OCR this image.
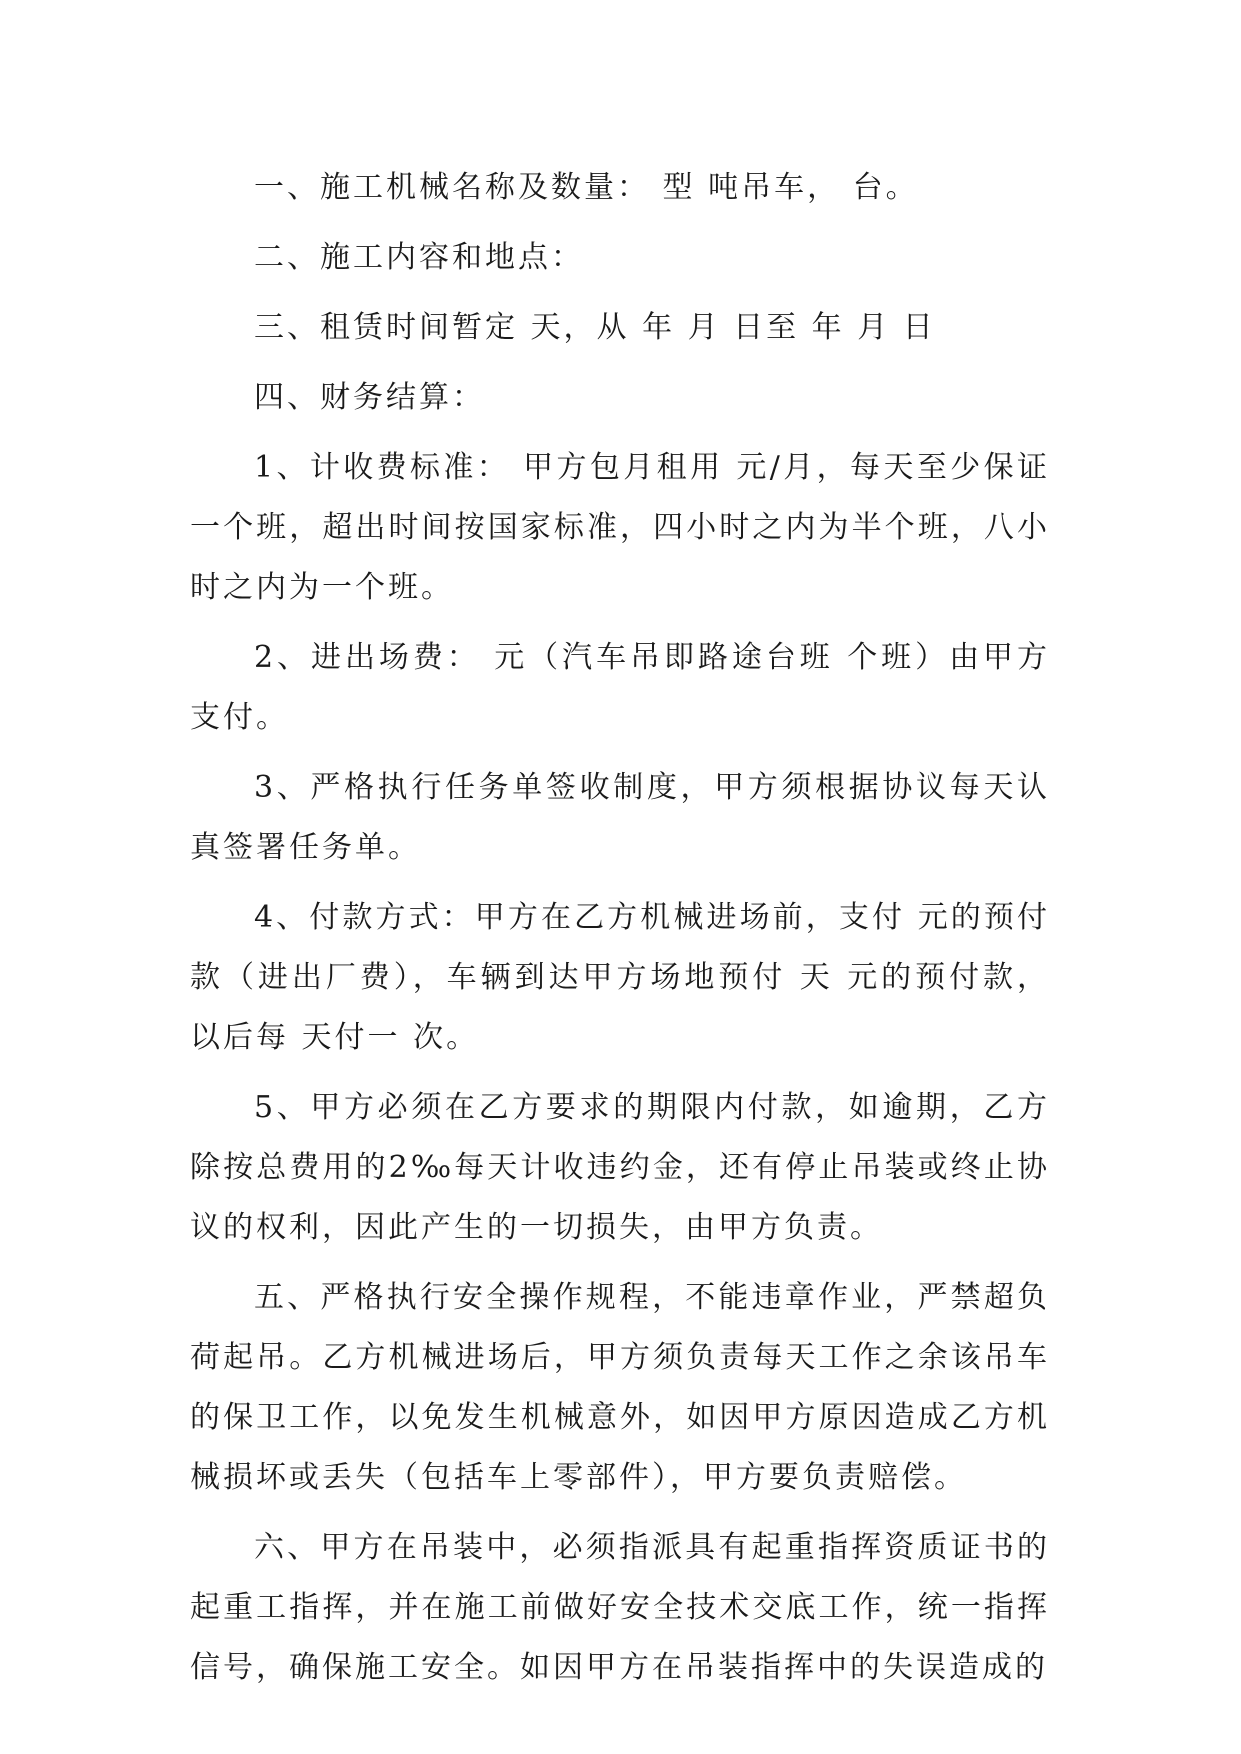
一、施工机械名称及数量： 型 吨吊车， 台。

二、施工内容和地点：

三、租赁时间暂定 天，从 年 月 日至 年 月 日

四、财务结算：

1、计收费标准： 甲方包月租用 元/月，每天至少保证一个班，超出时间按国家标准，四小时之内为半个班，八小时之内为一个班。

2、进出场费： 元（汽车吊即路途台班 个班）由甲方支付。

3、严格执行任务单签收制度，甲方须根据协议每天认真签署任务单。

4、付款方式：甲方在乙方机械进场前，支付 元的预付款（进出厂费），车辆到达甲方场地预付 天 元的预付款，以后每 天付一 次。

5、甲方必须在乙方要求的期限内付款，如逾期，乙方除按总费用的2‰每天计收违约金，还有停止吊装或终止协议的权利，因此产生的一切损失，由甲方负责。

五、严格执行安全操作规程，不能违章作业，严禁超负荷起吊。乙方机械进场后，甲方须负责每天工作之余该吊车的保卫工作，以免发生机械意外，如因甲方原因造成乙方机械损坏或丢失（包括车上零部件），甲方要负责赔偿。

六、甲方在吊装中，必须指派具有起重指挥资质证书的起重工指挥，并在施工前做好安全技术交底工作，统一指挥信号，确保施工安全。如因甲方在吊装指挥中的失误造成的
